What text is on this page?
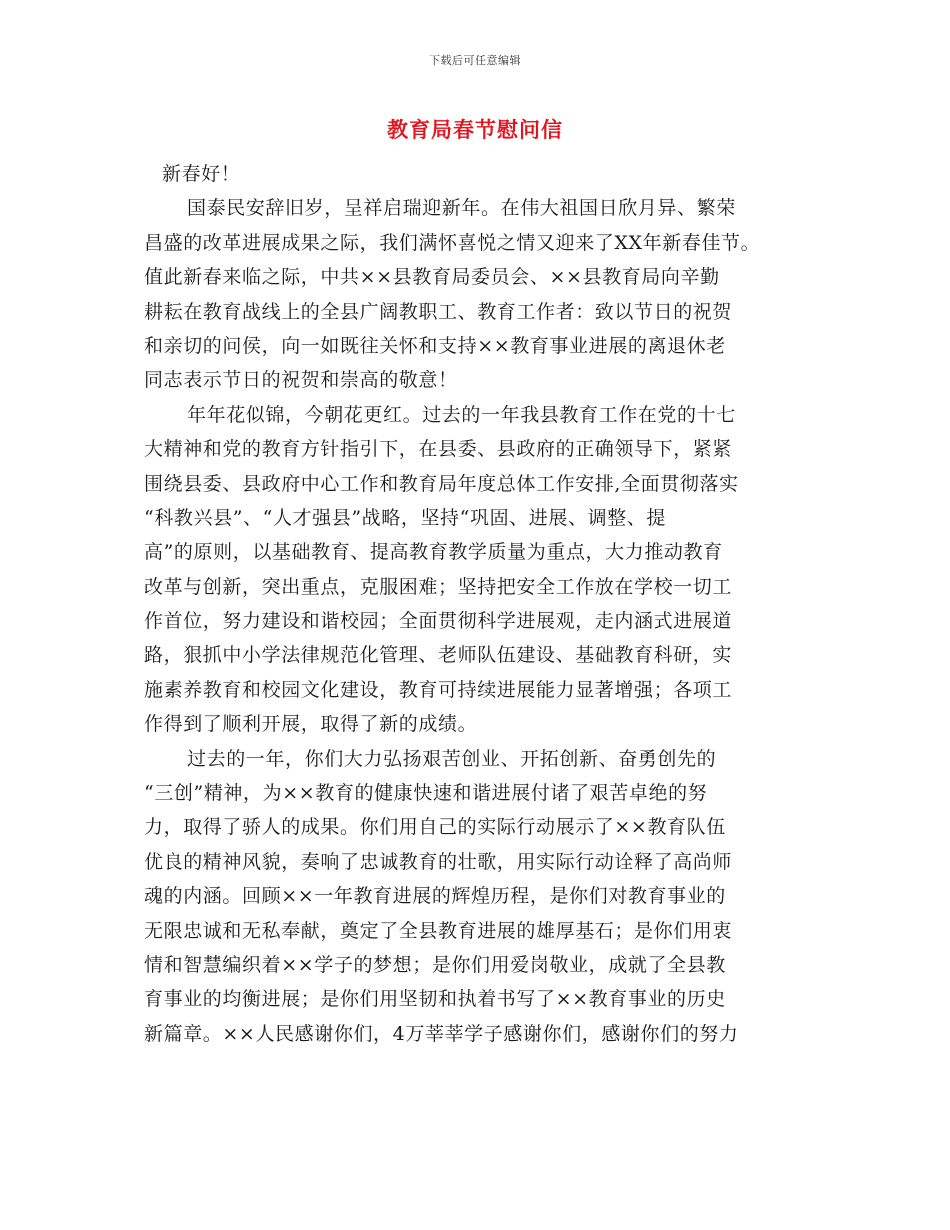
下载后可任意编辑
教育局春节慰问信
新春好！
国泰民安辞旧岁，呈祥启瑞迎新年。在伟大祖国日欣月异、繁荣
昌盛的改革进展成果之际，我们满怀喜悦之情又迎来了XX年新春佳节。
值此新春来临之际，中共××县教育局委员会、××县教育局向辛勤
耕耘在教育战线上的全县广阔教职工、教育工作者：致以节日的祝贺
和亲切的问侯，向一如既往关怀和支持××教育事业进展的离退休老
同志表示节日的祝贺和崇高的敬意！
年年花似锦，今朝花更红。过去的一年我县教育工作在党的十七
大精神和党的教育方针指引下，在县委、县政府的正确领导下，紧紧
围绕县委、县政府中心工作和教育局年度总体工作安排,全面贯彻落实
“科教兴县”、“人才强县”战略，坚持“巩固、进展、调整、提
高”的原则，以基础教育、提高教育教学质量为重点，大力推动教育
改革与创新，突出重点，克服困难；坚持把安全工作放在学校一切工
作首位，努力建设和谐校园；全面贯彻科学进展观，走内涵式进展道
路，狠抓中小学法律规范化管理、老师队伍建设、基础教育科研，实
施素养教育和校园文化建设，教育可持续进展能力显著增强；各项工
作得到了顺利开展，取得了新的成绩。
过去的一年，你们大力弘扬艰苦创业、开拓创新、奋勇创先的
“三创”精神，为××教育的健康快速和谐进展付诸了艰苦卓绝的努
力，取得了骄人的成果。你们用自己的实际行动展示了××教育队伍
优良的精神风貌，奏响了忠诚教育的壮歌，用实际行动诠释了高尚师
魂的内涵。回顾××一年教育进展的辉煌历程，是你们对教育事业的
无限忠诚和无私奉献，奠定了全县教育进展的雄厚基石；是你们用衷
情和智慧编织着××学子的梦想；是你们用爱岗敬业，成就了全县教
育事业的均衡进展；是你们用坚韧和执着书写了××教育事业的历史
新篇章。××人民感谢你们，4万莘莘学子感谢你们，感谢你们的努力
